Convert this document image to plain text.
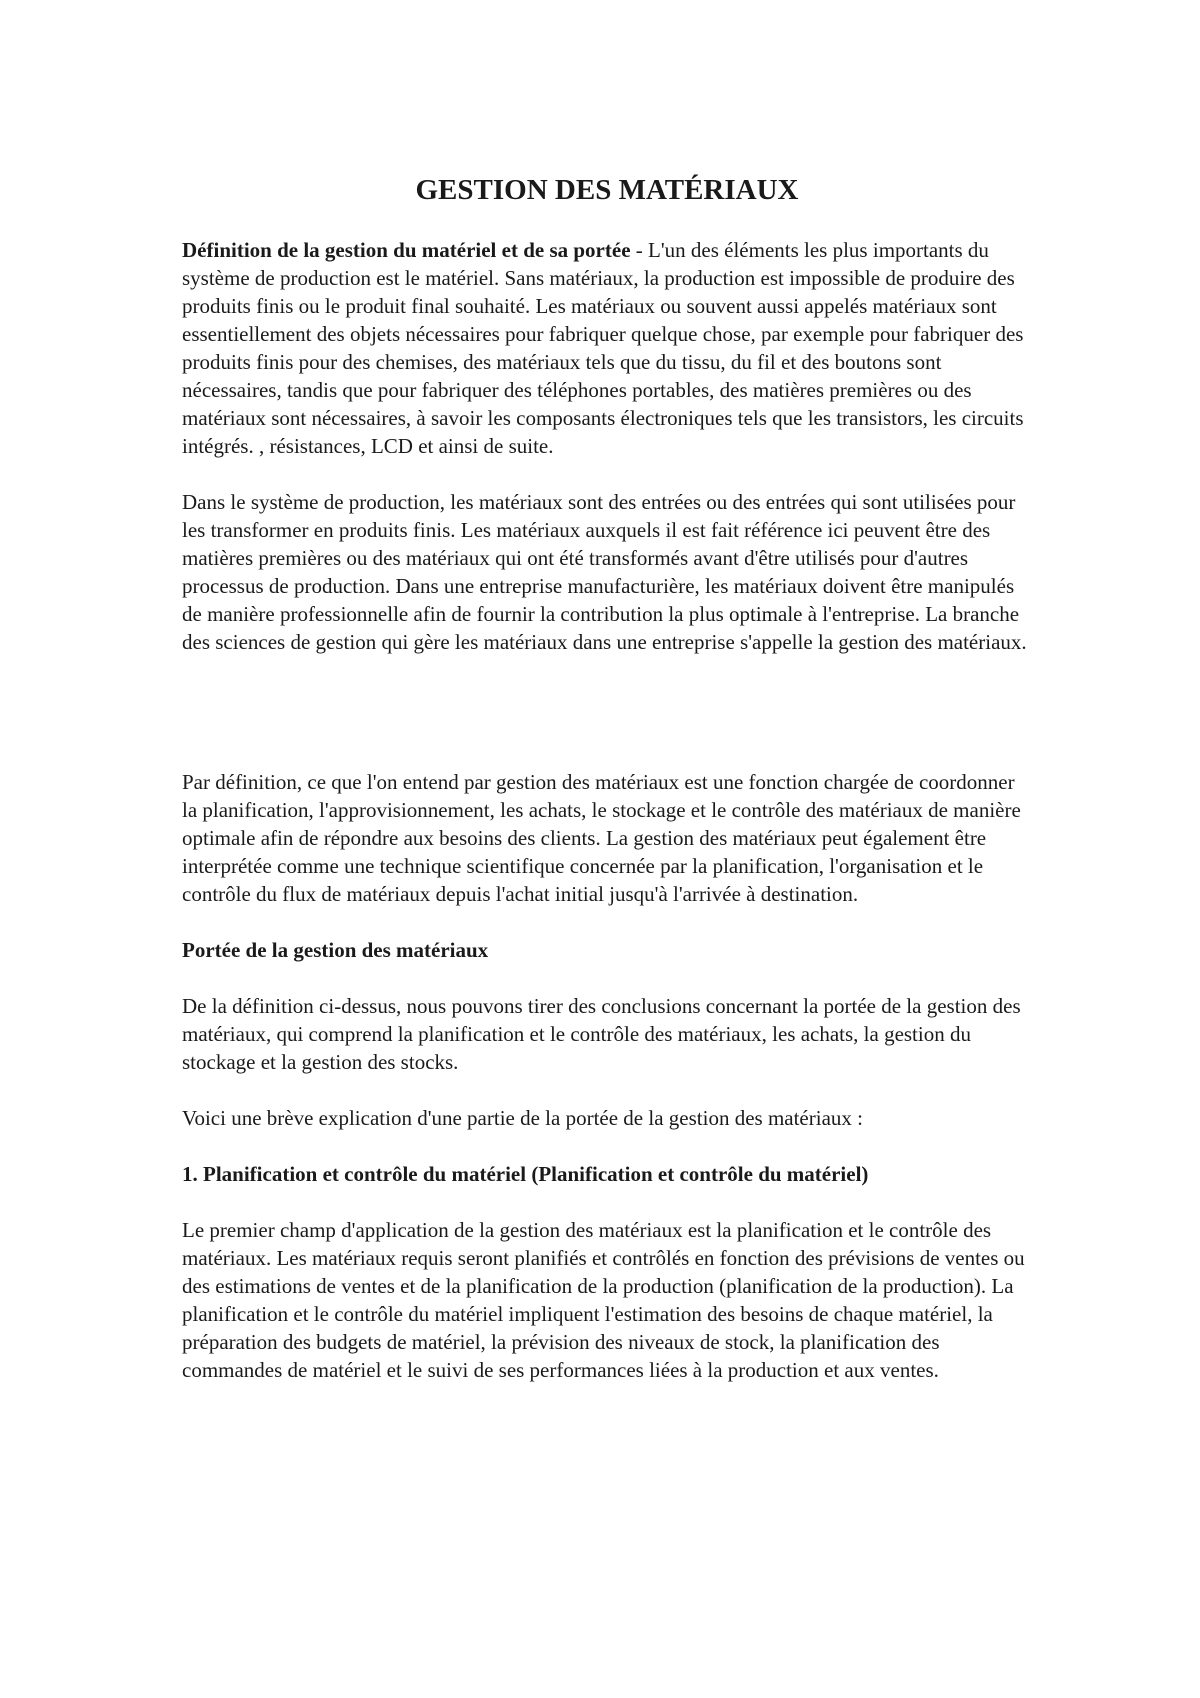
GESTION DES MATÉRIAUX

Définition de la gestion du matériel et de sa portée - L'un des éléments les plus importants du système de production est le matériel. Sans matériaux, la production est impossible de produire des produits finis ou le produit final souhaité. Les matériaux ou souvent aussi appelés matériaux sont essentiellement des objets nécessaires pour fabriquer quelque chose, par exemple pour fabriquer des produits finis pour des chemises, des matériaux tels que du tissu, du fil et des boutons sont nécessaires, tandis que pour fabriquer des téléphones portables, des matières premières ou des matériaux sont nécessaires, à savoir les composants électroniques tels que les transistors, les circuits intégrés. , résistances, LCD et ainsi de suite.

Dans le système de production, les matériaux sont des entrées ou des entrées qui sont utilisées pour les transformer en produits finis. Les matériaux auxquels il est fait référence ici peuvent être des matières premières ou des matériaux qui ont été transformés avant d'être utilisés pour d'autres processus de production. Dans une entreprise manufacturière, les matériaux doivent être manipulés de manière professionnelle afin de fournir la contribution la plus optimale à l'entreprise. La branche des sciences de gestion qui gère les matériaux dans une entreprise s'appelle la gestion des matériaux.

Par définition, ce que l'on entend par gestion des matériaux est une fonction chargée de coordonner la planification, l'approvisionnement, les achats, le stockage et le contrôle des matériaux de manière optimale afin de répondre aux besoins des clients. La gestion des matériaux peut également être interprétée comme une technique scientifique concernée par la planification, l'organisation et le contrôle du flux de matériaux depuis l'achat initial jusqu'à l'arrivée à destination.

Portée de la gestion des matériaux

De la définition ci-dessus, nous pouvons tirer des conclusions concernant la portée de la gestion des matériaux, qui comprend la planification et le contrôle des matériaux, les achats, la gestion du stockage et la gestion des stocks.

Voici une brève explication d'une partie de la portée de la gestion des matériaux :

1. Planification et contrôle du matériel (Planification et contrôle du matériel)

Le premier champ d'application de la gestion des matériaux est la planification et le contrôle des matériaux. Les matériaux requis seront planifiés et contrôlés en fonction des prévisions de ventes ou des estimations de ventes et de la planification de la production (planification de la production). La planification et le contrôle du matériel impliquent l'estimation des besoins de chaque matériel, la préparation des budgets de matériel, la prévision des niveaux de stock, la planification des commandes de matériel et le suivi de ses performances liées à la production et aux ventes.
